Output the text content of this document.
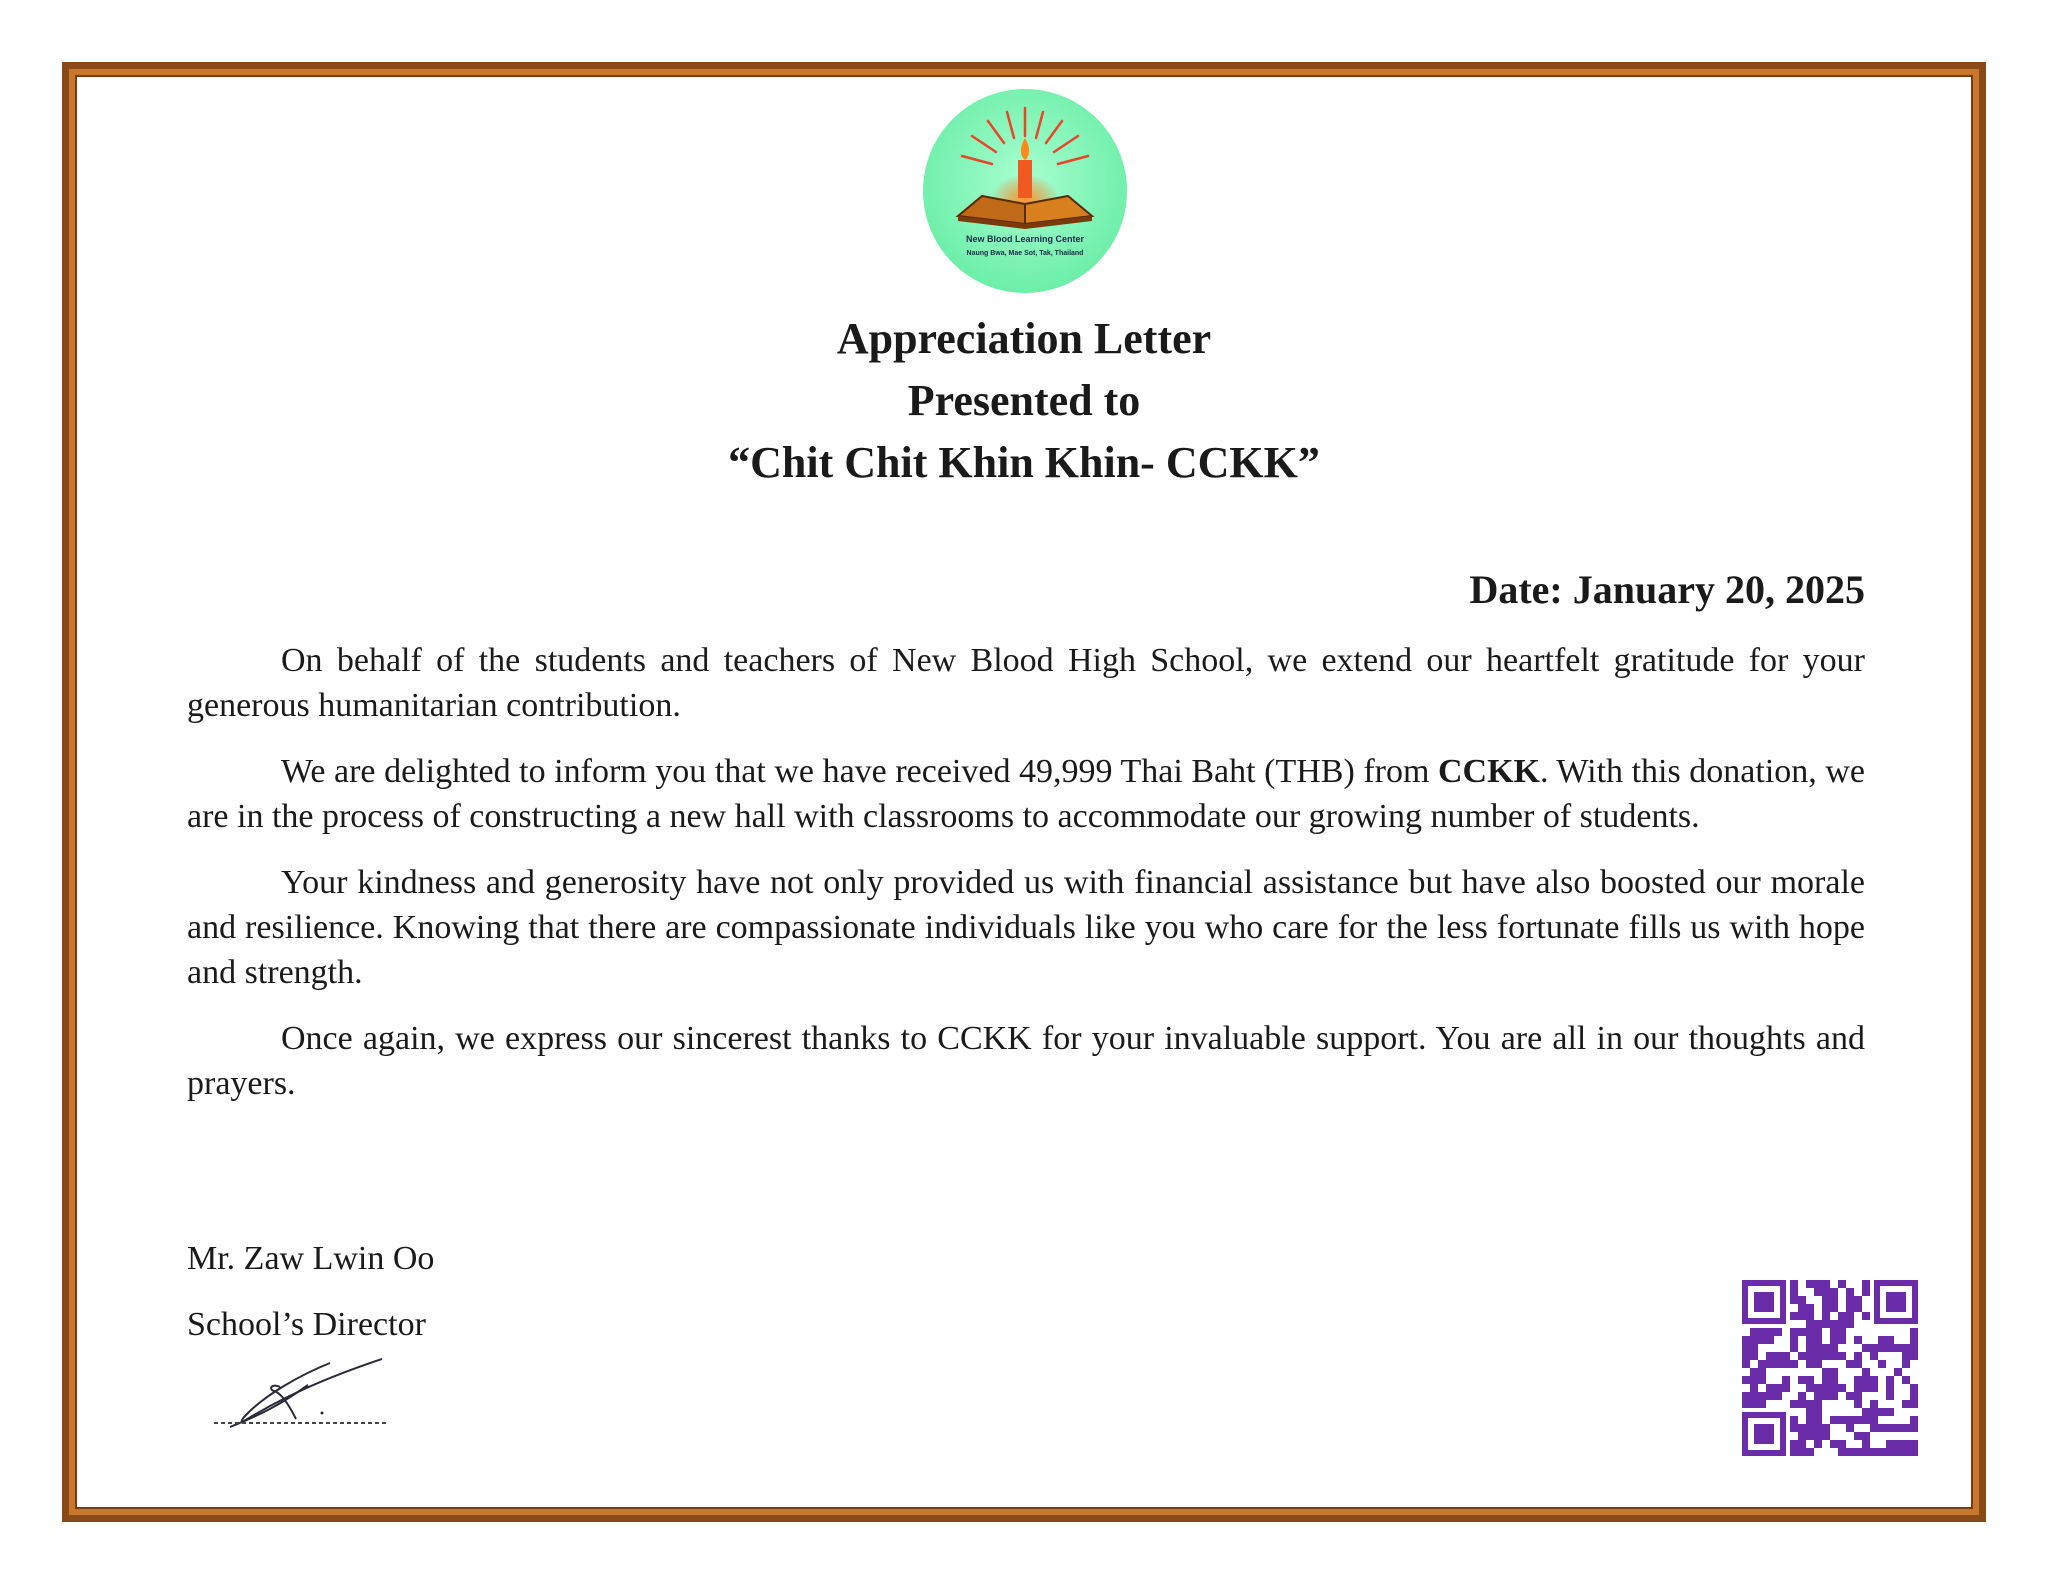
New Blood Learning Center
Naung Bwa, Mae Sot, Tak, Thailand
Appreciation Letter
Presented to
“Chit Chit Khin Khin- CCKK”
Date: January 20, 2025

On behalf of the students and teachers of New Blood High School, we extend our heartfelt gratitude for your generous humanitarian contribution.

We are delighted to inform you that we have received 49,999 Thai Baht (THB) from CCKK. With this donation, we are in the process of constructing a new hall with classrooms to accommodate our growing number of students.

Your kindness and generosity have not only provided us with financial assistance but have also boosted our morale and resilience. Knowing that there are compassionate individuals like you who care for the less fortunate fills us with hope and strength.

Once again, we express our sincerest thanks to CCKK for your invaluable support. You are all in our thoughts and prayers.

Mr. Zaw Lwin Oo
School’s Director
